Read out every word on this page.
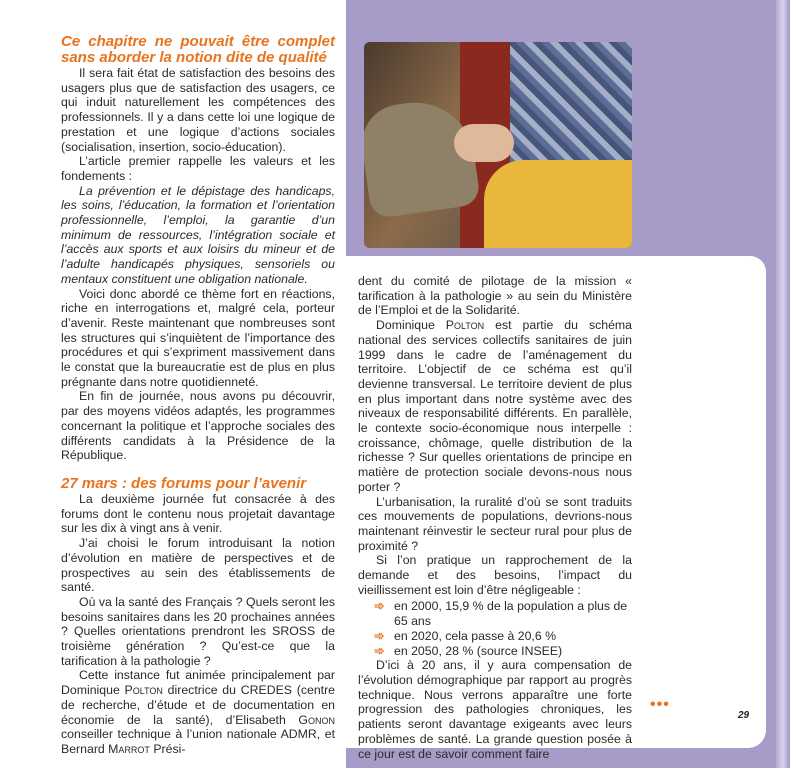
Ce chapitre ne pouvait être complet sans aborder la notion dite de qualité

Il sera fait état de satisfaction des besoins des usagers plus que de satisfaction des usagers, ce qui induit naturellement les compétences des professionnels. Il y a dans cette loi une logique de prestation et une logique d’actions sociales (socialisation, insertion, socio-éducation).

L’article premier rappelle les valeurs et les fondements :

La prévention et le dépistage des handicaps, les soins, l’éducation, la formation et l’orientation professionnelle, l’emploi, la garantie d’un minimum de ressources, l’intégration sociale et l’accès aux sports et aux loisirs du mineur et de l’adulte handicapés physiques, sensoriels ou mentaux constituent une obligation nationale.

Voici donc abordé ce thème fort en réactions, riche en interrogations et, malgré cela, porteur d’avenir. Reste maintenant que nombreuses sont les structures qui s’inquiètent de l’importance des procédures et qui s’expriment massivement dans le constat que la bureaucratie est de plus en plus prégnante dans notre quotidienneté.

En fin de journée, nous avons pu découvrir, par des moyens vidéos adaptés, les programmes concernant la politique et l’approche sociales des différents candidats à la Présidence de la République.

27 mars : des forums pour l’avenir

La deuxième journée fut consacrée à des forums dont le contenu nous projetait davantage sur les dix à vingt ans à venir.

J’ai choisi le forum introduisant la notion d’évolution en matière de perspectives et de prospectives au sein des établissements de santé.

Où va la santé des Français ? Quels seront les besoins sanitaires dans les 20 prochaines années ? Quelles orientations prendront les SROSS de troisième génération ? Qu’est-ce que la tarification à la pathologie ?

Cette instance fut animée principalement par Dominique Polton directrice du CREDES (centre de recherche, d’étude et de documentation en économie de la santé), d’Elisabeth Gonon conseiller technique à l’union nationale ADMR, et Bernard Marrot Prési-

dent du comité de pilotage de la mission « tarification à la pathologie » au sein du Ministère de l’Emploi et de la Solidarité.

Dominique Polton est partie du schéma national des services collectifs sanitaires de juin 1999 dans le cadre de l’aménagement du territoire. L’objectif de ce schéma est qu’il devienne transversal. Le territoire devient de plus en plus important dans notre système avec des niveaux de responsabilité différents. En parallèle, le contexte socio-économique nous interpelle : croissance, chômage, quelle distribution de la richesse ? Sur quelles orientations de principe en matière de protection sociale devons-nous nous porter ?

L’urbanisation, la ruralité d’où se sont traduits ces mouvements de populations, devrions-nous maintenant réinvestir le secteur rural pour plus de proximité ?

Si l’on pratique un rapprochement de la demande et des besoins, l’impact du vieillissement est loin d’être négligeable :

➾ en 2000, 15,9 % de la population a plus de 65 ans
➾ en 2020, cela passe à 20,6 %
➾ en 2050, 28 % (source INSEE)

D’ici à 20 ans, il y aura compensation de l’évolution démographique par rapport au progrès technique. Nous verrons apparaître une forte progression des pathologies chroniques, les patients seront davantage exigeants avec leurs problèmes de santé. La grande question posée à ce jour est de savoir comment faire

•••
29
